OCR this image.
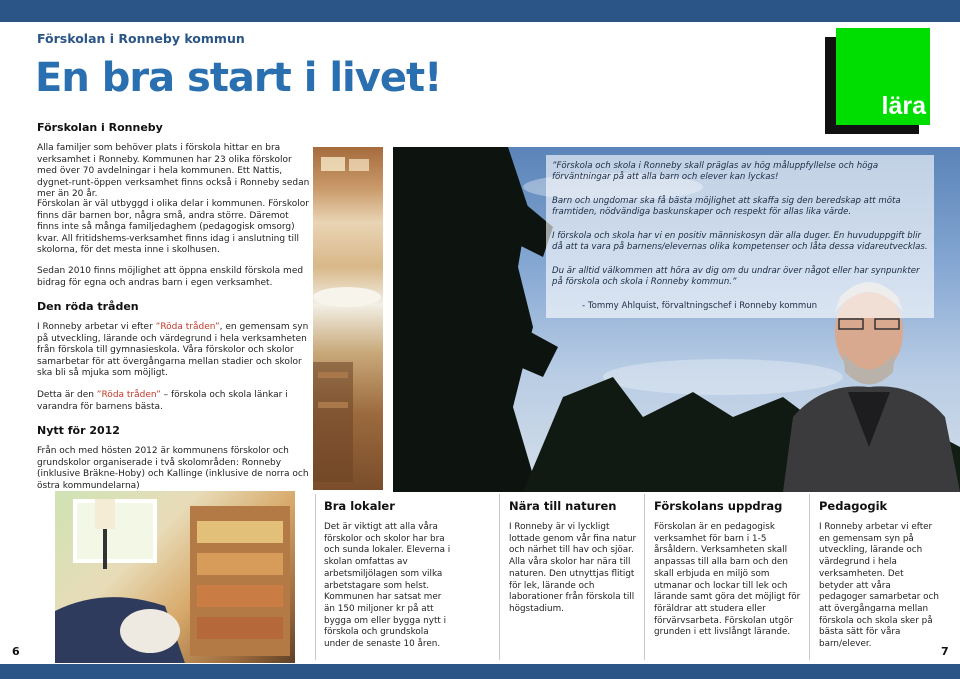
Förskolan i Ronneby kommun
En bra start i livet!
Förskolan i Ronneby

Alla familjer som behöver plats i förskola hittar en bra verksamhet i Ronneby. Kommunen har 23 olika förskolor med över 70 avdelningar i hela kommunen. Ett Nattis, dygnet-runt-öppen verksamhet finns också i Ronneby sedan mer än 20 år.

Förskolan är väl utbyggd i olika delar i kommunen. Förskolor finns där barnen bor, några små, andra större. Däremot finns inte så många familjedaghem (pedagogisk omsorg) kvar. All fritidshems-verksamhet finns idag i anslutning till skolorna, för det mesta inne i skolhusen.

Sedan 2010 finns möjlighet att öppna enskild förskola med bidrag för egna och andras barn i egen verksamhet.

Den röda tråden

I Ronneby arbetar vi efter ”Röda tråden”, en gemensam syn på utveckling, lärande och värdegrund i hela verksamheten från förskola till gymnasieskola. Våra förskolor och skolor samarbetar för att övergångarna mellan stadier och skolor ska bli så mjuka som möjligt.

Detta är den ”Röda tråden” – förskola och skola länkar i varandra för barnens bästa.

Nytt för 2012

Från och med hösten 2012 är kommunens förskolor och grundskolor organiserade i två skolområden: Ronneby (inklusive Bräkne-Hoby) och Kallinge (inklusive de norra och östra kommundelarna)

”Förskola och skola i Ronneby skall präglas av hög måluppfyllelse och höga förväntningar på att alla barn och elever kan lyckas!

Barn och ungdomar ska få bästa möjlighet att skaffa sig den beredskap att möta framtiden, nödvändiga baskunskaper och respekt för allas lika värde.

I förskola och skola har vi en positiv människosyn där alla duger. En huvuduppgift blir då att ta vara på barnens/elevernas olika kompetenser och låta dessa vidareutvecklas.

Du är alltid välkommen att höra av dig om du undrar över något eller har synpunkter på förskola och skola i Ronneby kommun.”

- Tommy Ahlquist, förvaltningschef i Ronneby kommun

lära
Bra lokaler

Det är viktigt att alla våra förskolor och skolor har bra och sunda lokaler. Eleverna i skolan omfattas av arbetsmiljölagen som vilka arbetstagare som helst. Kommunen har satsat mer än 150 miljoner kr på att bygga om eller bygga nytt i förskola och grundskola under de senaste 10 åren.

Nära till naturen

I Ronneby är vi lyckligt lottade genom vår fina natur och närhet till hav och sjöar. Alla våra skolor har nära till naturen. Den utnyttjas flitigt för lek, lärande och laborationer från förskola till högstadium.

Förskolans uppdrag

Förskolan är en pedagogisk verksamhet för barn i 1-5 årsåldern. Verksamheten skall anpassas till alla barn och den skall erbjuda en miljö som utmanar och lockar till lek och lärande samt göra det möjligt för föräldrar att studera eller förvärvsarbeta. Förskolan utgör grunden i ett livslångt lärande.

Pedagogik

I Ronneby arbetar vi efter en gemensam syn på utveckling, lärande och värdegrund i hela verksamheten. Det betyder att våra pedagoger samarbetar och att övergångarna mellan förskola och skola sker på bästa sätt för våra barn/elever.

6	7
